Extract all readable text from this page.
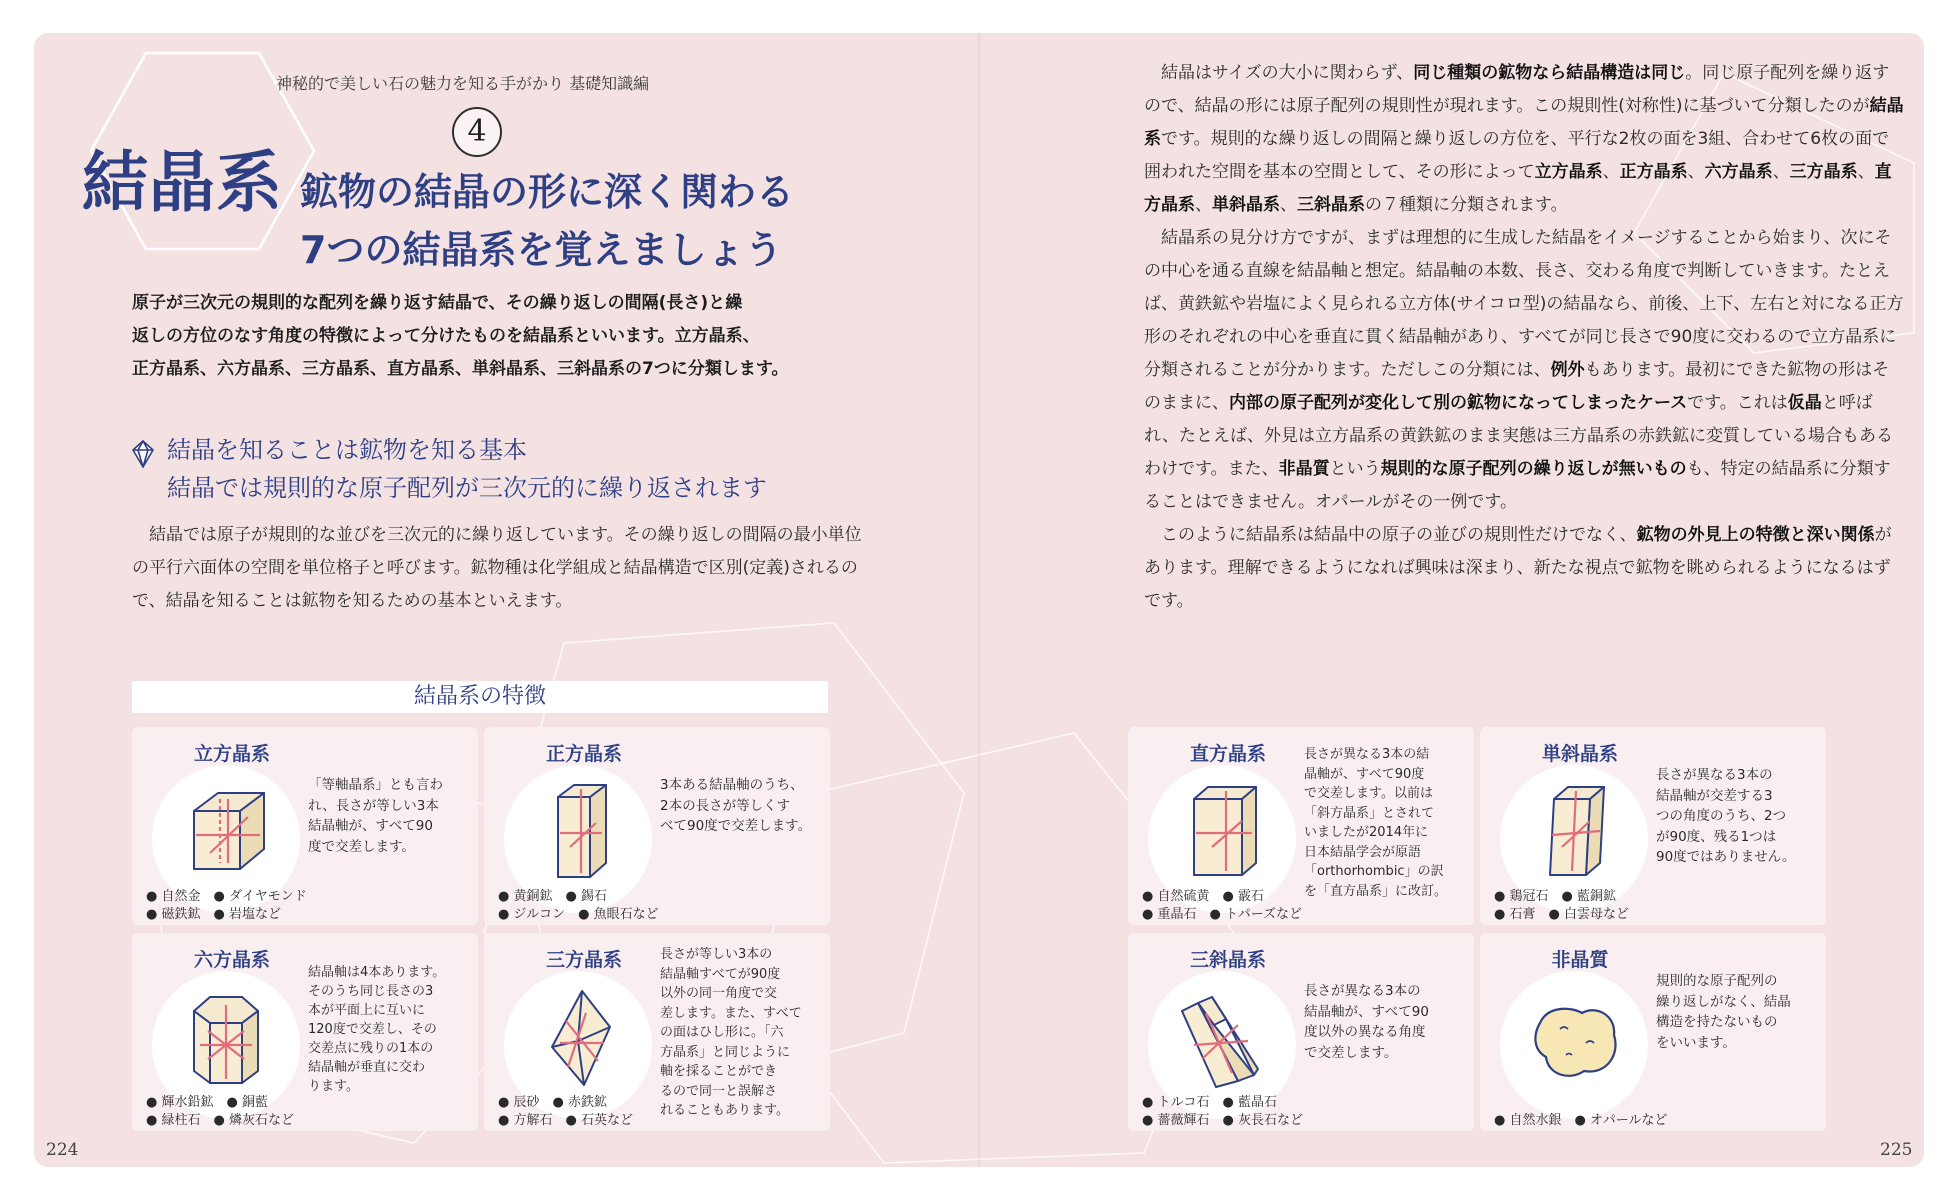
神秘的で美しい石の魅力を知る手がかり 基礎知識編
4
結晶系 鉱物の結晶の形に深く関わる
7つの結晶系を覚えましょう
原子が三次元の規則的な配列を繰り返す結晶で、その繰り返しの間隔(長さ)と繰
返しの方位のなす角度の特徴によって分けたものを結晶系といいます。立方晶系、
正方晶系、六方晶系、三方晶系、直方晶系、単斜晶系、三斜晶系の7つに分類します。
結晶を知ることは鉱物を知る基本
結晶では規則的な原子配列が三次元的に繰り返されます
結晶では原子が規則的な並びを三次元的に繰り返しています。その繰り返しの間隔の最小単位の平行六面体の空間を単位格子と呼びます。鉱物種は化学組成と結晶構造で区別(定義)されるので、結晶を知ることは鉱物を知るための基本といえます。
結晶系の特徴
立方晶系
「等軸晶系」とも言わ
れ、長さが等しい3本
結晶軸が、すべて90
度で交差します。
● 自然金　● ダイヤモンド
● 磁鉄鉱　● 岩塩など
正方晶系
3本ある結晶軸のうち、
2本の長さが等しくす
べて90度で交差します。
● 黄銅鉱　● 錫石
● ジルコン　● 魚眼石など
六方晶系
結晶軸は4本あります。
そのうち同じ長さの3
本が平面上に互いに
120度で交差し、その
交差点に残りの1本の
結晶軸が垂直に交わ
ります。
● 輝水鉛鉱　● 銅藍
● 緑柱石　● 燐灰石など
三方晶系	長さが等しい3本の
結晶軸すべてが90度
以外の同一角度で交
差します。また、すべて
の面はひし形に。「六
方晶系」と同じように
軸を採ることができ
るので同一と誤解さ
れることもあります。
● 辰砂　● 赤鉄鉱
● 方解石　● 石英など
224

結晶はサイズの大小に関わらず、同じ種類の鉱物なら結晶構造は同じ。同じ原子配列を繰り返すので、結晶の形には原子配列の規則性が現れます。この規則性(対称性)に基づいて分類したのが結晶系です。規則的な繰り返しの間隔と繰り返しの方位を、平行な2枚の面を3組、合わせて6枚の面で囲われた空間を基本の空間として、その形によって立方晶系、正方晶系、六方晶系、三方晶系、直方晶系、単斜晶系、三斜晶系の７種類に分類されます。

結晶系の見分け方ですが、まずは理想的に生成した結晶をイメージすることから始まり、次にその中心を通る直線を結晶軸と想定。結晶軸の本数、長さ、交わる角度で判断していきます。たとえば、黄鉄鉱や岩塩によく見られる立方体(サイコロ型)の結晶なら、前後、上下、左右と対になる正方形のそれぞれの中心を垂直に貫く結晶軸があり、すべてが同じ長さで90度に交わるので立方晶系に分類されることが分かります。ただしこの分類には、例外もあります。最初にできた鉱物の形はそのままに、内部の原子配列が変化して別の鉱物になってしまったケースです。これは仮晶と呼ばれ、たとえば、外見は立方晶系の黄鉄鉱のまま実態は三方晶系の赤鉄鉱に変質している場合もあるわけです。また、非晶質という規則的な原子配列の繰り返しが無いものも、特定の結晶系に分類することはできません。オパールがその一例です。

このように結晶系は結晶中の原子の並びの規則性だけでなく、鉱物の外見上の特徴と深い関係があります。理解できるようになれば興味は深まり、新たな視点で鉱物を眺められるようになるはずです。

直方晶系	長さが異なる3本の結
晶軸が、すべて90度
で交差します。以前は
「斜方晶系」とされて
いましたが2014年に
日本結晶学会が原語
「orthorhombic」の訳
を「直方晶系」に改訂。
● 自然硫黄　● 霰石
● 重晶石　● トパーズなど
単斜晶系
長さが異なる3本の
結晶軸が交差する3
つの角度のうち、2つ
が90度、残る1つは
90度ではありません。
● 鶏冠石　● 藍銅鉱
● 石膏　● 白雲母など
三斜晶系
長さが異なる3本の
結晶軸が、すべて90
度以外の異なる角度
で交差します。
● トルコ石　● 藍晶石
● 薔薇輝石　● 灰長石など
非晶質
規則的な原子配列の
繰り返しがなく、結晶
構造を持たないもの
をいいます。
● 自然水銀　● オパールなど
225
